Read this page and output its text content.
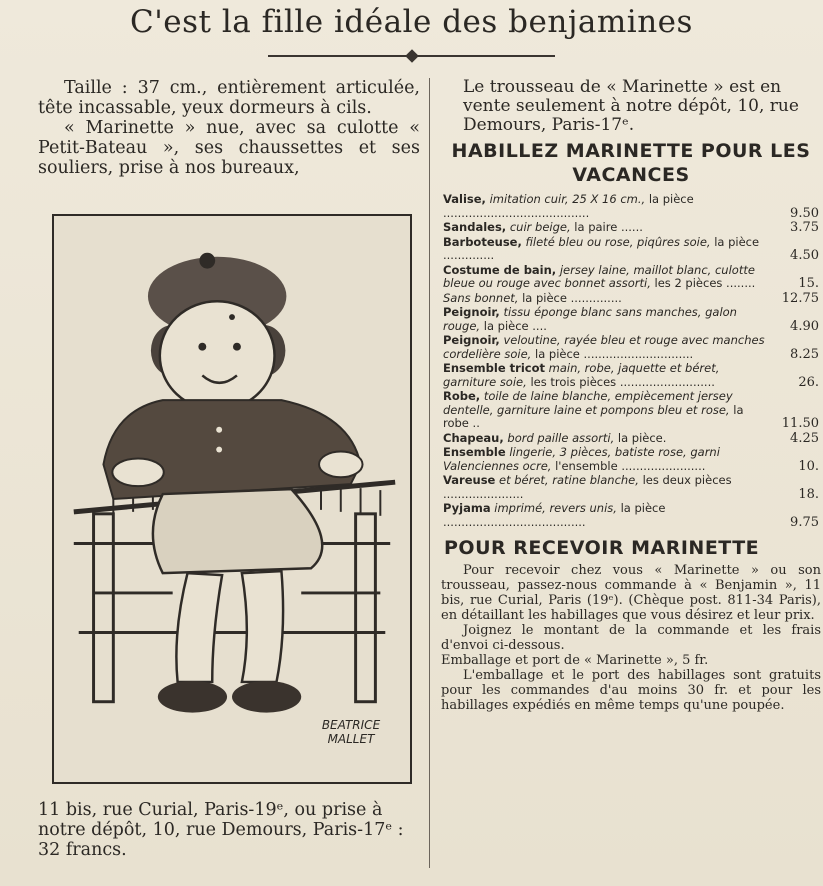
C'est la fille idéale des benjamines

Taille : 37 cm., entièrement articulée, tête incassable, yeux dormeurs à cils.

« Marinette » nue, avec sa culotte « Petit-Bateau », ses chaussettes et ses souliers, prise à nos bureaux,

BEATRICE MALLET
11 bis, rue Curial, Paris-19ᵉ, ou prise à notre dépôt, 10, rue Demours, Paris-17ᵉ : 32 francs.

Le trousseau de « Marinette » est en vente seulement à notre dépôt, 10, rue Demours, Paris-17ᵉ.

HABILLEZ MARINETTE POUR LES VACANCES
Valise, imitation cuir, 25 X 16 cm., la pièce ........................................	9.50
Sandales, cuir beige, la paire ......	3.75
Barboteuse, fileté bleu ou rose, piqûres soie, la pièce ..............	4.50
Costume de bain, jersey laine, maillot blanc, culotte bleue ou rouge avec bonnet assorti, les 2 pièces ........	15.
Sans bonnet, la pièce ..............	12.75
Peignoir, tissu éponge blanc sans manches, galon rouge, la pièce ....	4.90
Peignoir, veloutine, rayée bleu et rouge avec manches cordelière soie, la pièce ..............................	8.25
Ensemble tricot main, robe, jaquette et béret, garniture soie, les trois pièces ..........................	26.
Robe, toile de laine blanche, empiècement jersey dentelle, garniture laine et pompons bleu et rose, la robe ..	11.50
Chapeau, bord paille assorti, la pièce.	4.25
Ensemble lingerie, 3 pièces, batiste rose, garni Valenciennes ocre, l'ensemble .......................	10.
Vareuse et béret, ratine blanche, les deux pièces ......................	18.
Pyjama imprimé, revers unis, la pièce .......................................	9.75
POUR RECEVOIR MARINETTE

Pour recevoir chez vous « Marinette » ou son trousseau, passez-nous commande à « Benjamin », 11 bis, rue Curial, Paris (19ᵉ). (Chèque post. 811-34 Paris), en détaillant les habillages que vous désirez et leur prix.

Joignez le montant de la commande et les frais d'envoi ci-dessous.

Emballage et port de « Marinette », 5 fr.

L'emballage et le port des habillages sont gratuits pour les commandes d'au moins 30 fr. et pour les habillages expédiés en même temps qu'une poupée.
